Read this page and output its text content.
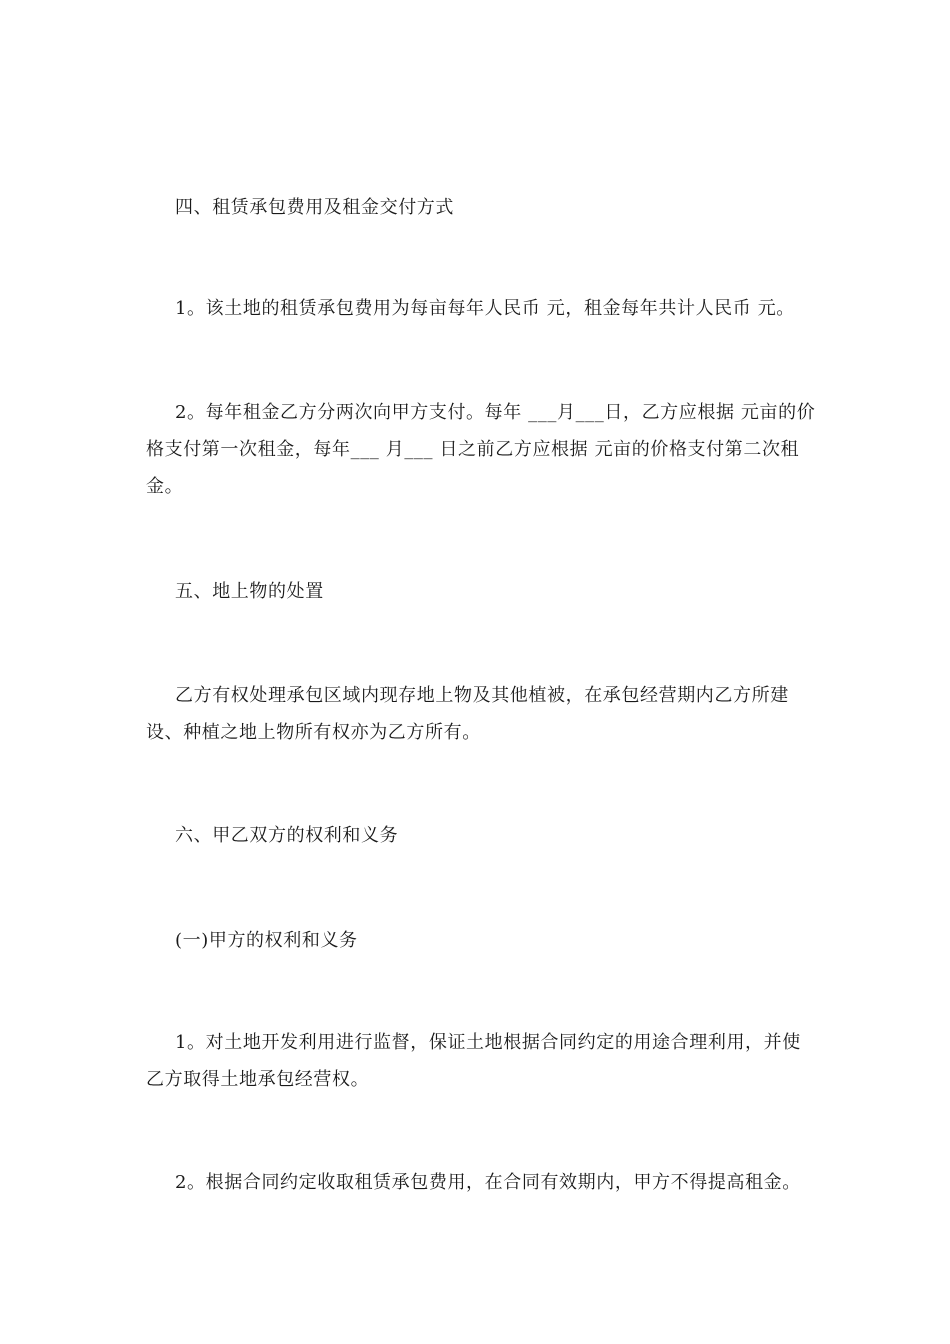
四、租赁承包费用及租金交付方式

1。该土地的租赁承包费用为每亩每年人民币 元，租金每年共计人民币 元。

2。每年租金乙方分两次向甲方支付。每年 ___月___日，乙方应根据 元亩的价格支付第一次租金，每年___ 月___ 日之前乙方应根据 元亩的价格支付第二次租金。

五、地上物的处置

乙方有权处理承包区域内现存地上物及其他植被，在承包经营期内乙方所建设、种植之地上物所有权亦为乙方所有。

六、甲乙双方的权利和义务

(一)甲方的权利和义务

1。对土地开发利用进行监督，保证土地根据合同约定的用途合理利用，并使乙方取得土地承包经营权。

2。根据合同约定收取租赁承包费用，在合同有效期内，甲方不得提高租金。
